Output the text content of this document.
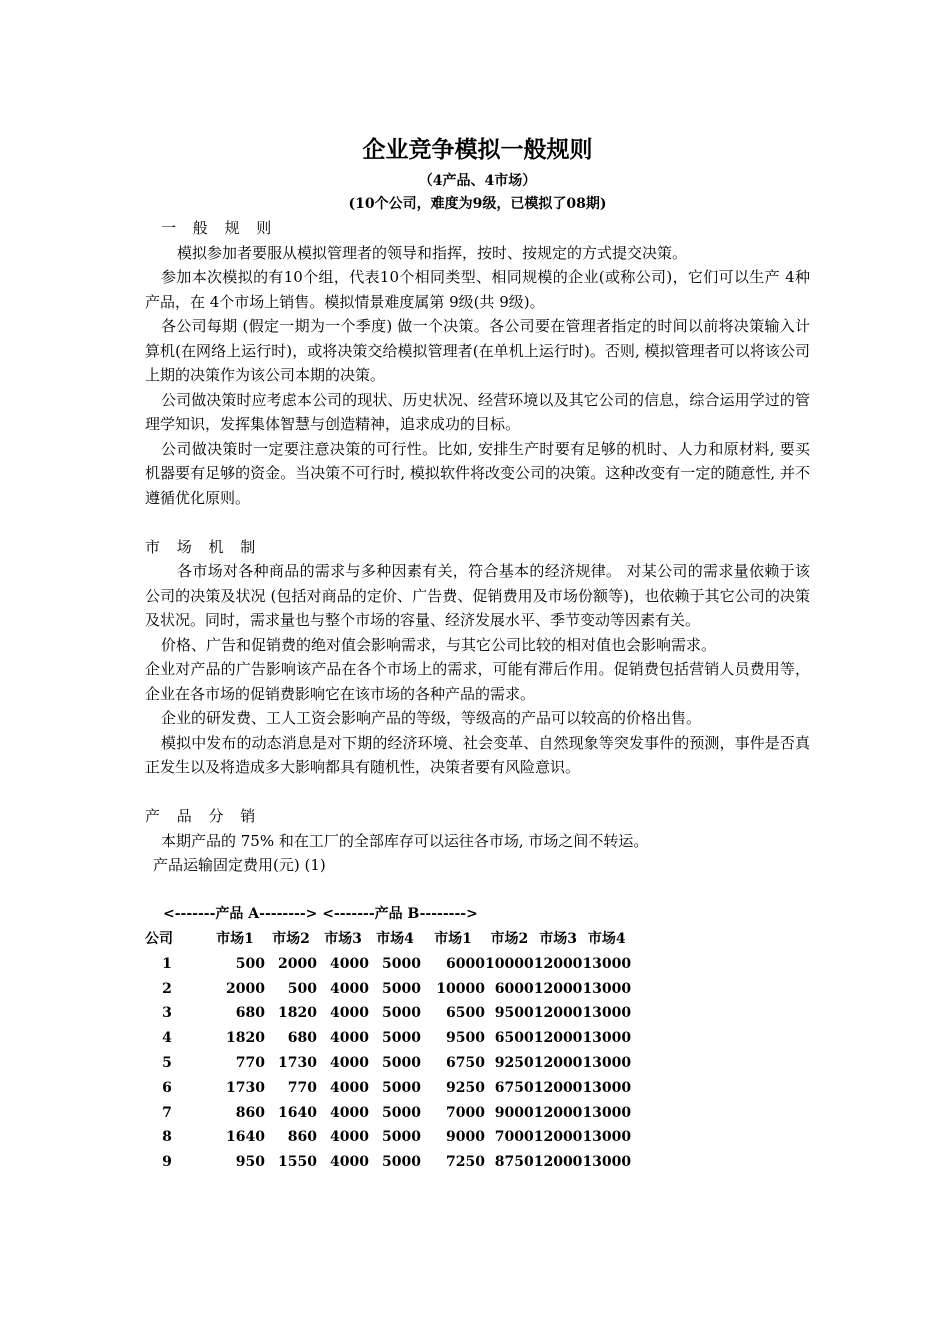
企业竞争模拟一般规则
（4产品、4市场）
(10个公司，难度为9级，已模拟了08期)
一 般 规 则

模拟参加者要服从模拟管理者的领导和指挥，按时、按规定的方式提交决策。

参加本次模拟的有10个组，代表10个相同类型、相同规模的企业(或称公司)，它们可以生产 4种产品，在 4个市场上销售。模拟情景难度属第 9级(共 9级)。

各公司每期 (假定一期为一个季度) 做一个决策。各公司要在管理者指定的时间以前将决策输入计算机(在网络上运行时)，或将决策交给模拟管理者(在单机上运行时)。否则, 模拟管理者可以将该公司上期的决策作为该公司本期的决策。

公司做决策时应考虑本公司的现状、历史状况、经营环境以及其它公司的信息，综合运用学过的管理学知识，发挥集体智慧与创造精神，追求成功的目标。

公司做决策时一定要注意决策的可行性。比如, 安排生产时要有足够的机时、人力和原材料, 要买机器要有足够的资金。当决策不可行时, 模拟软件将改变公司的决策。这种改变有一定的随意性, 并不遵循优化原则。

市 场 机 制

各市场对各种商品的需求与多种因素有关，符合基本的经济规律。 对某公司的需求量依赖于该公司的决策及状况 (包括对商品的定价、广告费、促销费用及市场份额等)，也依赖于其它公司的决策及状况。同时，需求量也与整个市场的容量、经济发展水平、季节变动等因素有关。

价格、广告和促销费的绝对值会影响需求，与其它公司比较的相对值也会影响需求。

企业对产品的广告影响该产品在各个市场上的需求，可能有滞后作用。促销费包括营销人员费用等，企业在各市场的促销费影响它在该市场的各种产品的需求。

企业的研发费、工人工资会影响产品的等级，等级高的产品可以较高的价格出售。

模拟中发布的动态消息是对下期的经济环境、社会变革、自然现象等突发事件的预测，事件是否真正发生以及将造成多大影响都具有随机性，决策者要有风险意识。

产 品 分 销

本期产品的 75% 和在工厂的全部库存可以运往各市场, 市场之间不转运。

产品运输固定费用(元) (1)

<-------产品 A--------> <-------产品 B-------->
公司	市场1	市场2	市场3	市场4	市场1	市场2	市场3	市场4
1	500	2000	4000	5000	6000	10000	12000	13000
2	2000	500	4000	5000	10000	6000	12000	13000
3	680	1820	4000	5000	6500	9500	12000	13000
4	1820	680	4000	5000	9500	6500	12000	13000
5	770	1730	4000	5000	6750	9250	12000	13000
6	1730	770	4000	5000	9250	6750	12000	13000
7	860	1640	4000	5000	7000	9000	12000	13000
8	1640	860	4000	5000	9000	7000	12000	13000
9	950	1550	4000	5000	7250	8750	12000	13000
